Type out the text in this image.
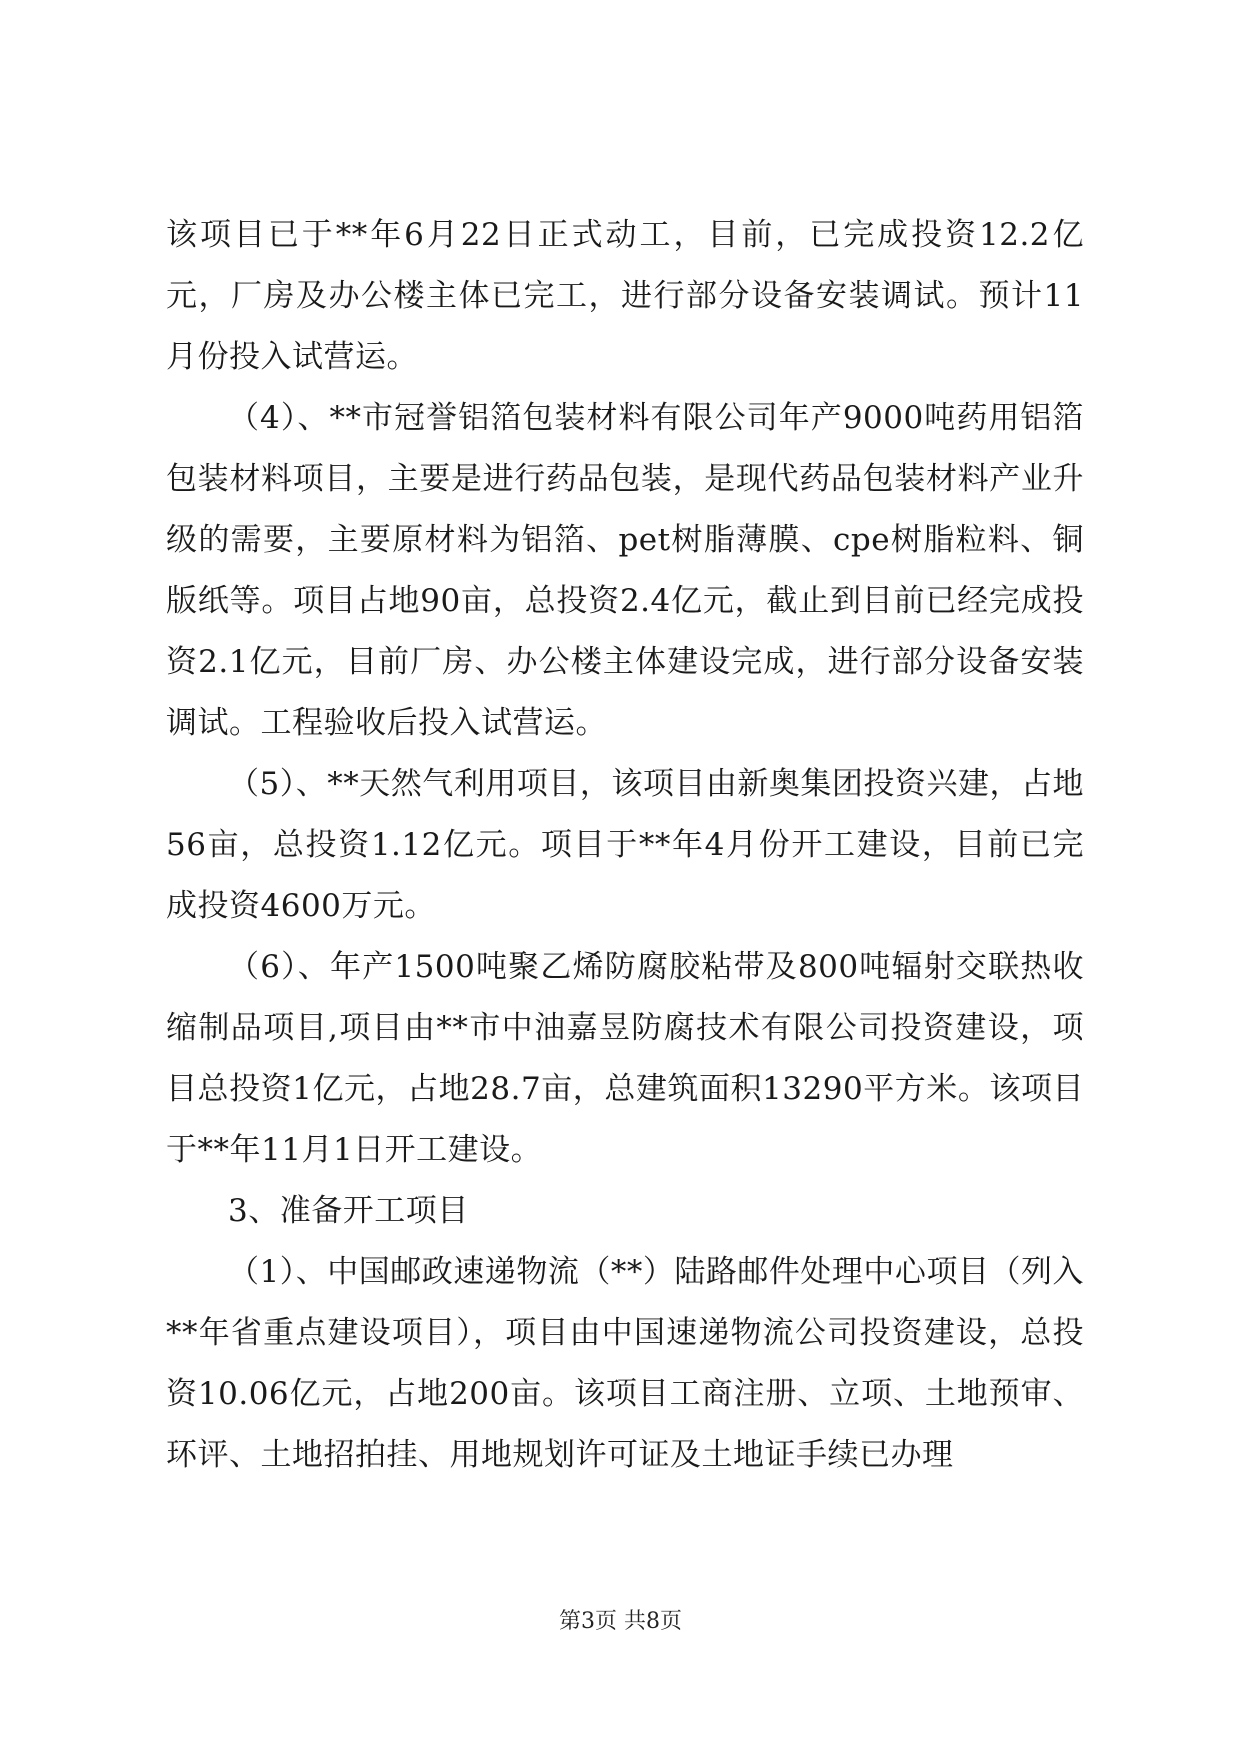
该项目已于**年6月22日正式动工，目前，已完成投资12.2亿元，厂房及办公楼主体已完工，进行部分设备安装调试。预计11月份投入试营运。

（4）、**市冠誉铝箔包装材料有限公司年产9000吨药用铝箔包装材料项目，主要是进行药品包装，是现代药品包装材料产业升级的需要，主要原材料为铝箔、pet树脂薄膜、cpe树脂粒料、铜版纸等。项目占地90亩，总投资2.4亿元，截止到目前已经完成投资2.1亿元，目前厂房、办公楼主体建设完成，进行部分设备安装调试。工程验收后投入试营运。

（5）、**天然气利用项目，该项目由新奥集团投资兴建，占地56亩，总投资1.12亿元。项目于**年4月份开工建设，目前已完成投资4600万元。

（6）、年产1500吨聚乙烯防腐胶粘带及800吨辐射交联热收缩制品项目,项目由**市中油嘉昱防腐技术有限公司投资建设，项目总投资1亿元，占地28.7亩，总建筑面积13290平方米。该项目于**年11月1日开工建设。

3、准备开工项目

（1）、中国邮政速递物流（**）陆路邮件处理中心项目（列入**年省重点建设项目），项目由中国速递物流公司投资建设，总投资10.06亿元，占地200亩。该项目工商注册、立项、土地预审、环评、土地招拍挂、用地规划许可证及土地证手续已办理

第3页 共8页
